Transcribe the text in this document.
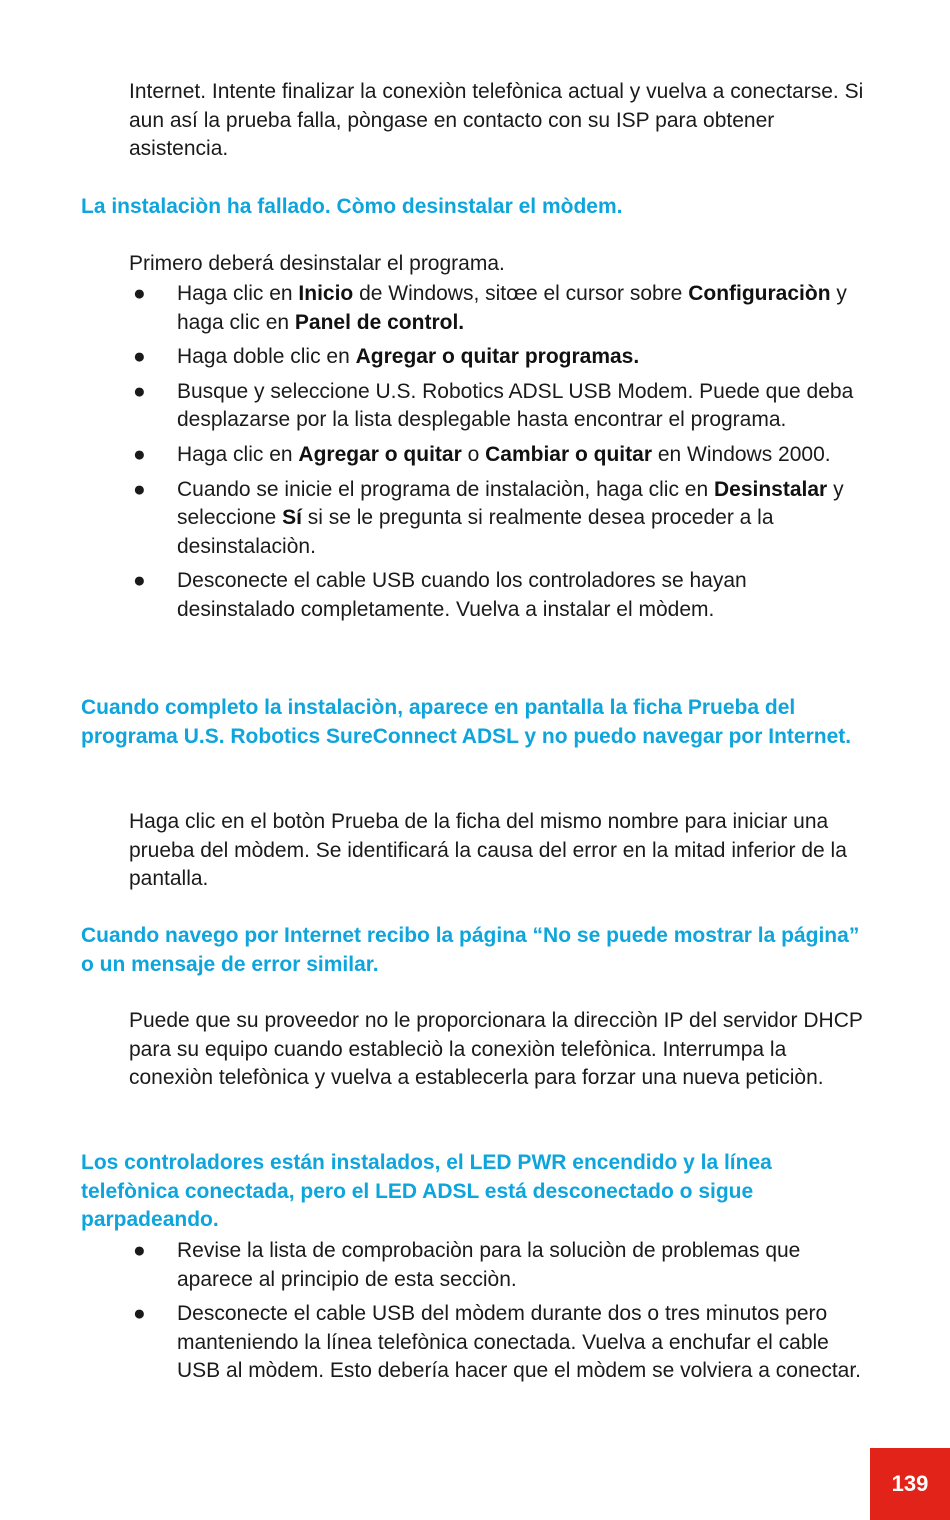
Internet. Intente finalizar la conexiòn telefònica actual y vuelva a conectarse. Si aun así la prueba falla, pòngase en contacto con su ISP para obtener asistencia.

La instalaciòn ha fallado. Còmo desinstalar el mòdem.

Primero deberá desinstalar el programa.

● Haga clic en Inicio de Windows, sitœe el cursor sobre Configuraciòn y haga clic en Panel de control.
● Haga doble clic en Agregar o quitar programas.
● Busque y seleccione U.S. Robotics ADSL USB Modem. Puede que deba desplazarse por la lista desplegable hasta encontrar el programa.
● Haga clic en Agregar o quitar o Cambiar o quitar en Windows 2000.
● Cuando se inicie el programa de instalaciòn, haga clic en Desinstalar y seleccione Sí si se le pregunta si realmente desea proceder a la desinstalaciòn.
● Desconecte el cable USB cuando los controladores se hayan desinstalado completamente. Vuelva a instalar el mòdem.
Cuando completo la instalaciòn, aparece en pantalla la ficha Prueba del programa U.S. Robotics SureConnect ADSL y no puedo navegar por Internet.

Haga clic en el botòn Prueba de la ficha del mismo nombre para iniciar una prueba del mòdem. Se identificará la causa del error en la mitad inferior de la pantalla.

Cuando navego por Internet recibo la página “No se puede mostrar la página” o un mensaje de error similar.

Puede que su proveedor no le proporcionara la direcciòn IP del servidor DHCP para su equipo cuando estableciò la conexiòn telefònica. Interrumpa la conexiòn telefònica y vuelva a establecerla para forzar una nueva peticiòn.

Los controladores están instalados, el LED PWR encendido y la línea telefònica conectada, pero el LED ADSL está desconectado o sigue parpadeando.
● Revise la lista de comprobaciòn para la soluciòn de problemas que aparece al principio de esta secciòn.
● Desconecte el cable USB del mòdem durante dos o tres minutos pero manteniendo la línea telefònica conectada. Vuelva a enchufar el cable USB al mòdem. Esto debería hacer que el mòdem se volviera a conectar.
139
